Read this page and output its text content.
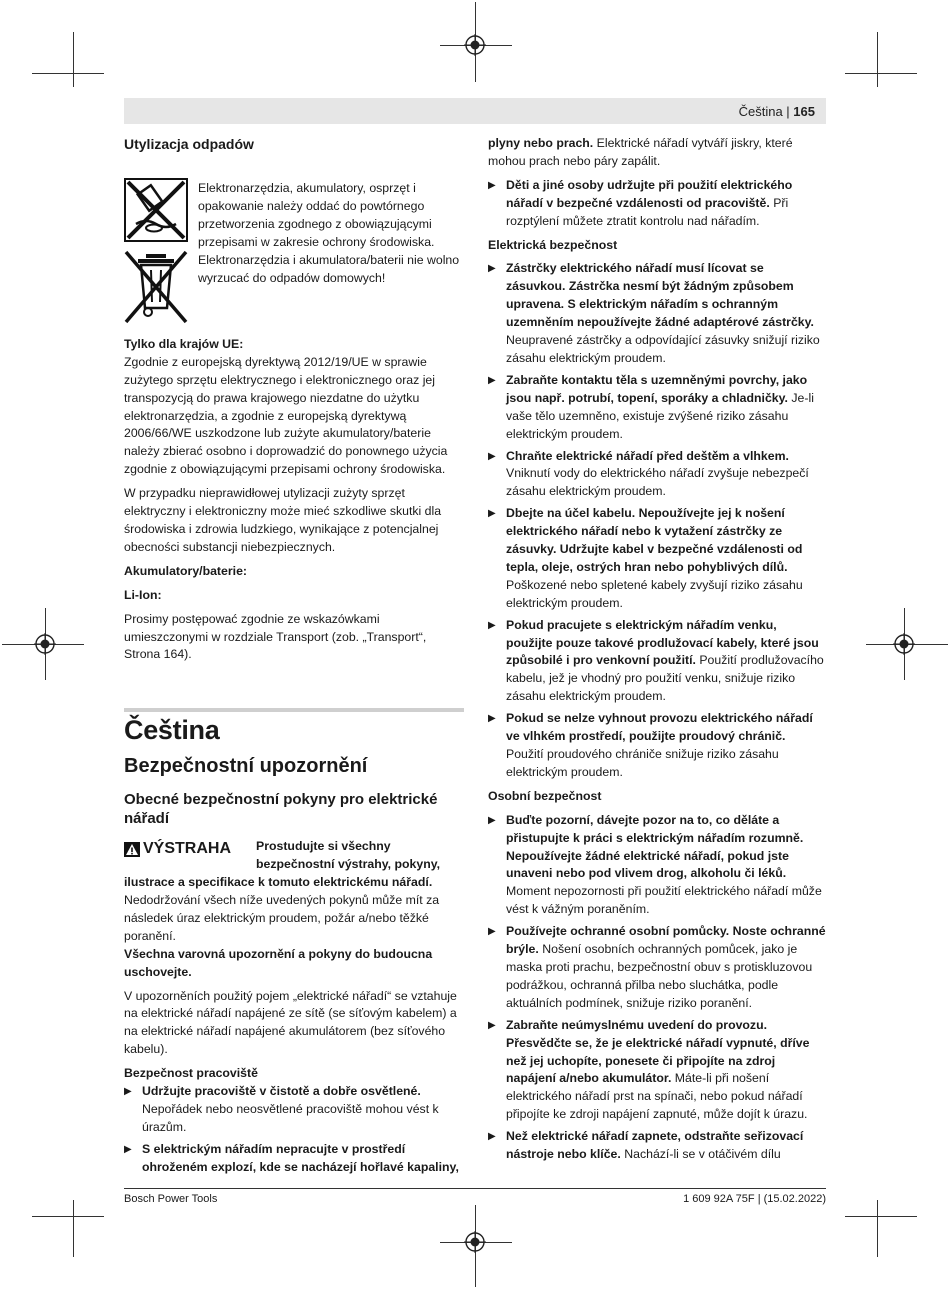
Čeština | 165
Utylizacja odpadów

Elektronarzędzia, akumulatory, osprzęt i opakowanie należy oddać do powtórnego przetworzenia zgodnego z obowiązującymi przepisami w zakresie ochrony środowiska.

Elektronarzędzia i akumulatora/baterii nie wolno wyrzucać do odpadów domowych!

Tylko dla krajów UE:

Zgodnie z europejską dyrektywą 2012/19/UE w sprawie zużytego sprzętu elektrycznego i elektronicznego oraz jej transpozycją do prawa krajowego niezdatne do użytku elektronarzędzia, a zgodnie z europejską dyrektywą 2006/66/WE uszkodzone lub zużyte akumulatory/baterie należy zbierać osobno i doprowadzić do ponownego użycia zgodnie z obowiązującymi przepisami ochrony środowiska.

W przypadku nieprawidłowej utylizacji zużyty sprzęt elektryczny i elektroniczny może mieć szkodliwe skutki dla środowiska i zdrowia ludzkiego, wynikające z potencjalnej obecności substancji niebezpiecznych.

Akumulatory/baterie:

Li-Ion:

Prosimy postępować zgodnie ze wskazówkami umieszczonymi w rozdziale Transport (zob. „Transport“, Strona 164).

Čeština
Bezpečnostní upozornění
Obecné bezpečnostní pokyny pro elektrické nářadí
VÝSTRAHA Prostudujte si všechny bezpečnostní výstrahy, pokyny,

ilustrace a specifikace k tomuto elektrickému nářadí.

Nedodržování všech níže uvedených pokynů může mít za následek úraz elektrickým proudem, požár a/nebo těžké poranění.

Všechna varovná upozornění a pokyny do budoucna uschovejte.

V upozorněních použitý pojem „elektrické nářadí“ se vztahuje na elektrické nářadí napájené ze sítě (se síťovým kabelem) a na elektrické nářadí napájené akumulátorem (bez síťového kabelu).

Bezpečnost pracoviště

▶ Udržujte pracoviště v čistotě a dobře osvětlené.
Nepořádek nebo neosvětlené pracoviště mohou vést k úrazům.
▶ S elektrickým nářadím nepracujte v prostředí ohroženém explozí, kde se nacházejí hořlavé kapaliny,

plyny nebo prach. Elektrické nářadí vytváří jiskry, které mohou prach nebo páry zapálit.

▶ Děti a jiné osoby udržujte při použití elektrického nářadí v bezpečné vzdálenosti od pracoviště. Při rozptýlení můžete ztratit kontrolu nad nářadím.

Elektrická bezpečnost

▶ Zástrčky elektrického nářadí musí lícovat se zásuvkou. Zástrčka nesmí být žádným způsobem upravena. S elektrickým nářadím s ochranným uzemněním nepoužívejte žádné adaptérové zástrčky. Neupravené zástrčky a odpovídající zásuvky snižují riziko zásahu elektrickým proudem.
▶ Zabraňte kontaktu těla s uzemněnými povrchy, jako jsou např. potrubí, topení, sporáky a chladničky. Je-li vaše tělo uzemněno, existuje zvýšené riziko zásahu elektrickým proudem.
▶ Chraňte elektrické nářadí před deštěm a vlhkem. Vniknutí vody do elektrického nářadí zvyšuje nebezpečí zásahu elektrickým proudem.
▶ Dbejte na účel kabelu. Nepoužívejte jej k nošení elektrického nářadí nebo k vytažení zástrčky ze zásuvky. Udržujte kabel v bezpečné vzdálenosti od tepla, oleje, ostrých hran nebo pohyblivých dílů. Poškozené nebo spletené kabely zvyšují riziko zásahu elektrickým proudem.
▶ Pokud pracujete s elektrickým nářadím venku, použijte pouze takové prodlužovací kabely, které jsou způsobilé i pro venkovní použití. Použití prodlužovacího kabelu, jež je vhodný pro použití venku, snižuje riziko zásahu elektrickým proudem.
▶ Pokud se nelze vyhnout provozu elektrického nářadí ve vlhkém prostředí, použijte proudový chránič. Použití proudového chrániče snižuje riziko zásahu elektrickým proudem.

Osobní bezpečnost

▶ Buďte pozorní, dávejte pozor na to, co děláte a přistupujte k práci s elektrickým nářadím rozumně. Nepoužívejte žádné elektrické nářadí, pokud jste unaveni nebo pod vlivem drog, alkoholu či léků. Moment nepozornosti při použití elektrického nářadí může vést k vážným poraněním.
▶ Používejte ochranné osobní pomůcky. Noste ochranné brýle. Nošení osobních ochranných pomůcek, jako je maska proti prachu, bezpečnostní obuv s protiskluzovou podrážkou, ochranná přilba nebo sluchátka, podle aktuálních podmínek, snižuje riziko poranění.
▶ Zabraňte neúmyslnému uvedení do provozu. Přesvědčte se, že je elektrické nářadí vypnuté, dříve než jej uchopíte, ponesete či připojíte na zdroj napájení a/nebo akumulátor. Máte-li při nošení elektrického nářadí prst na spínači, nebo pokud nářadí připojíte ke zdroji napájení zapnuté, může dojít k úrazu.
▶ Než elektrické nářadí zapnete, odstraňte seřizovací nástroje nebo klíče. Nachází-li se v otáčivém dílu
Bosch Power Tools	1 609 92A 75F | (15.02.2022)
